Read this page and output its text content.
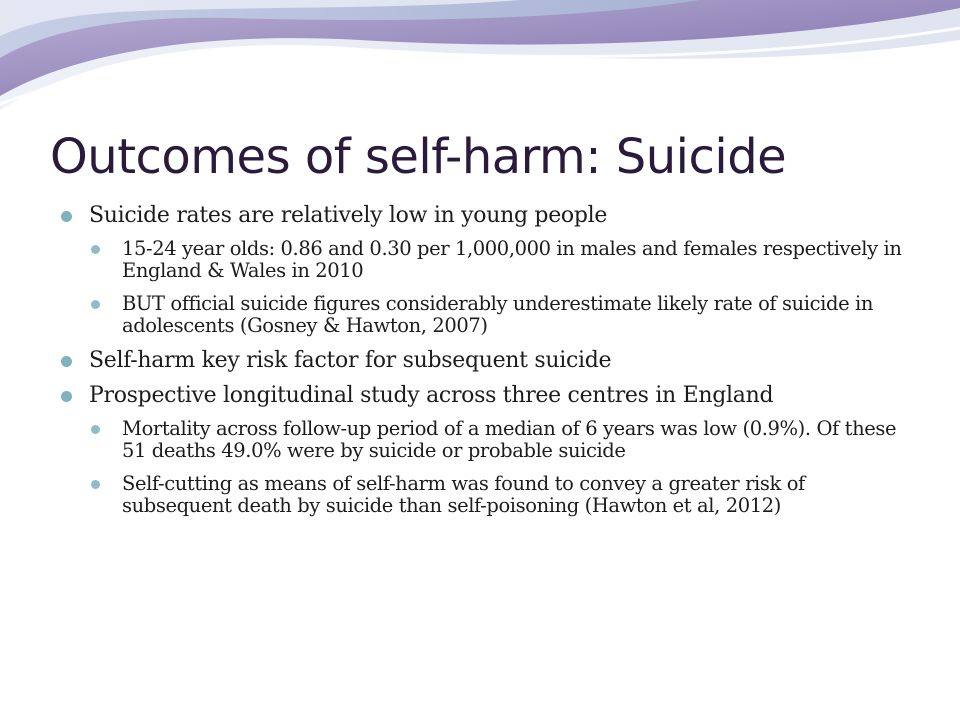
Outcomes of self-harm: Suicide
Suicide rates are relatively low in young people
15-24 year olds: 0.86 and 0.30 per 1,000,000 in males and females respectively in England & Wales in 2010
BUT official suicide figures considerably underestimate likely rate of suicide in adolescents (Gosney & Hawton, 2007)
Self-harm key risk factor for subsequent suicide
Prospective longitudinal study across three centres in England
Mortality across follow-up period of a median of 6 years was low (0.9%). Of these 51 deaths 49.0% were by suicide or probable suicide
Self-cutting as means of self-harm was found to convey a greater risk of subsequent death by suicide than self-poisoning (Hawton et al, 2012)
